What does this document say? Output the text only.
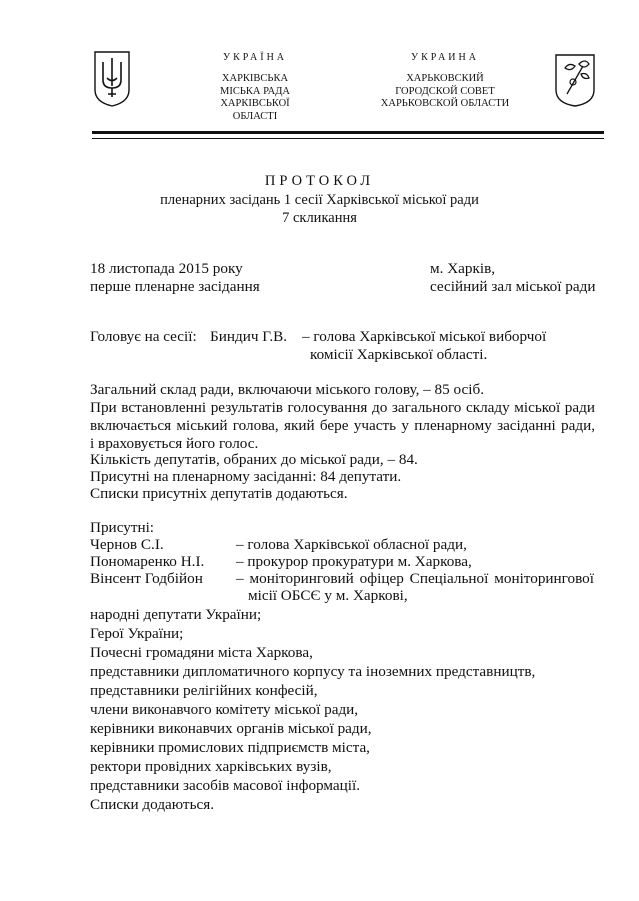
УКРАЇНА
ХАРКІВСЬКА
МІСЬКА РАДА
ХАРКІВСЬКОЇ ОБЛАСТІ
УКРАИНА
ХАРЬКОВСКИЙ
ГОРОДСКОЙ СОВЕТ
ХАРЬКОВСКОЙ ОБЛАСТИ
ПРОТОКОЛ
пленарних засідань 1 сесії Харківської міської ради
7 скликання
18 листопада 2015 року
перше пленарне засідання
м. Харків,
сесійний зал міської ради
Головує на сесії: Биндич Г.В. – голова Харківської міської виборчої
комісії Харківської області.
Загальний склад ради, включаючи міського голову, – 85 осіб.
При встановленні результатів голосування до загального складу міської ради
включається міський голова, який бере участь у пленарному засіданні ради,
і враховується його голос.
Кількість депутатів, обраних до міської ради, – 84.
Присутні на пленарному засіданні: 84 депутати.
Списки присутніх депутатів додаються.
Присутні:
Чернов С.І.	– голова Харківської обласної ради,
Пономаренко Н.І. – прокурор прокуратури м. Харкова,
Вінсент Годбійон – моніторинговий офіцер Спеціальної моніторингової
місії ОБСЄ у м. Харкові,
народні депутати України;
Герої України;
Почесні громадяни міста Харкова,
представники дипломатичного корпусу та іноземних представництв,
представники релігійних конфесій,
члени виконавчого комітету міської ради,
керівники виконавчих органів міської ради,
керівники промислових підприємств міста,
ректори провідних харківських вузів,
представники засобів масової інформації.
Списки додаються.
